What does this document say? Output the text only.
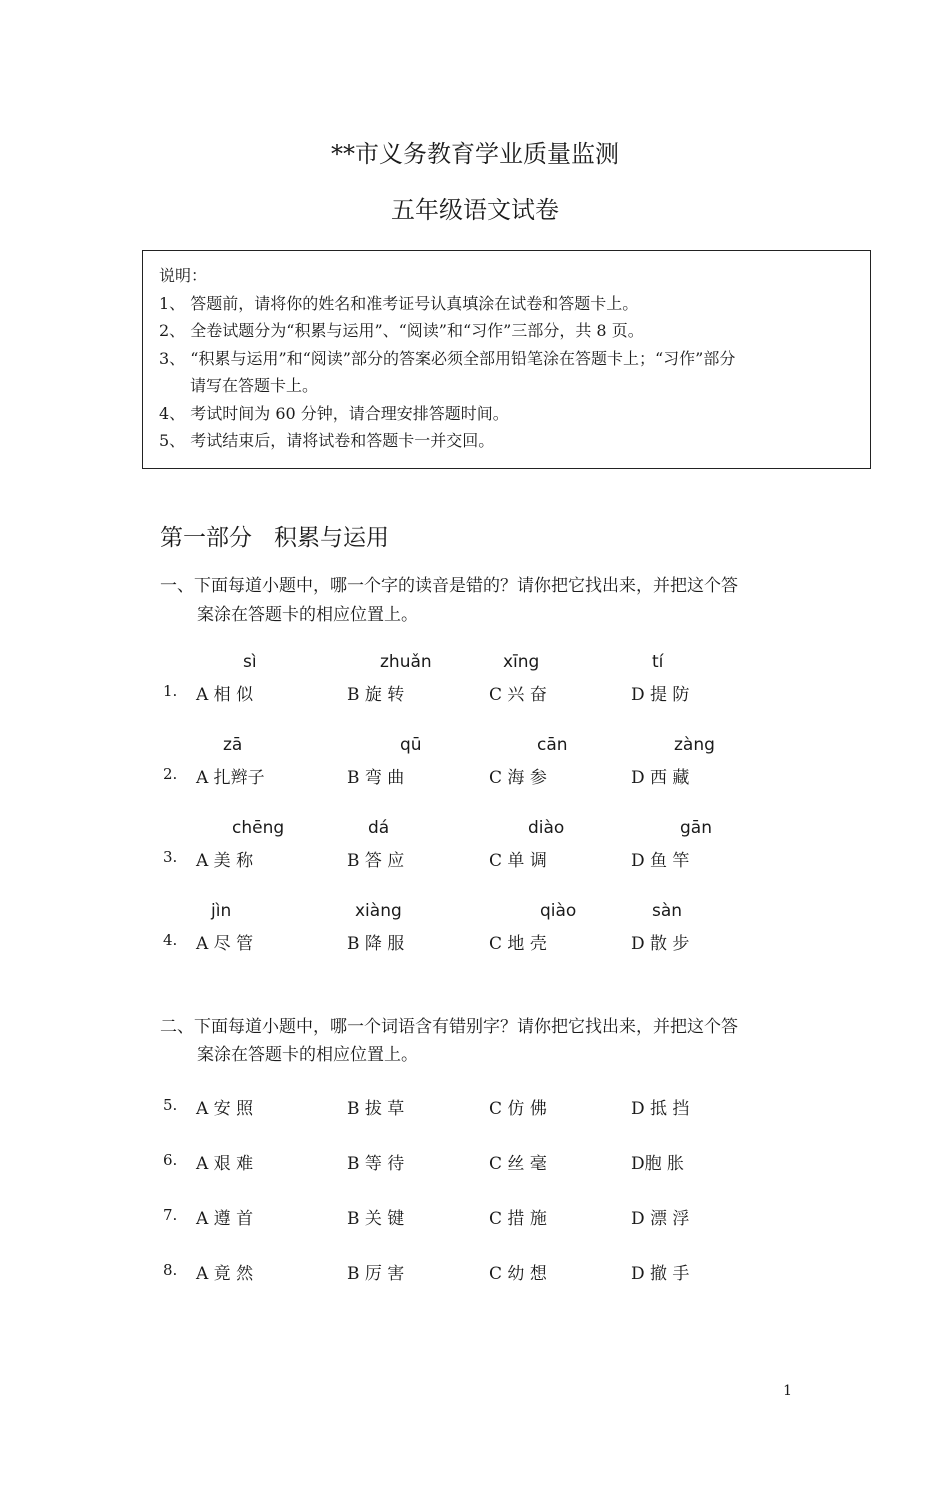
**市义务教育学业质量监测
五年级语文试卷
说明：
1、 答题前，请将你的姓名和准考证号认真填涂在试卷和答题卡上。
2、 全卷试题分为“积累与运用”、“阅读”和“习作”三部分，共 8 页。
3、 “积累与运用”和“阅读”部分的答案必须全部用铅笔涂在答题卡上；“习作”部分
请写在答题卡上。
4、 考试时间为 60 分钟，请合理安排答题时间。
5、 考试结束后，请将试卷和答题卡一并交回。
第一部分 积累与运用
一、下面每道小题中，哪一个字的读音是错的？请你把它找出来，并把这个答
案涂在答题卡的相应位置上。
sì	zhuǎn	xīng	tí
1. A 相 似	B 旋 转	C 兴 奋	D 提 防
zā	qū	cān	zàng
2. A 扎辫子	B 弯 曲	C 海 参	D 西 藏
chēng	dá	diào	gān
3. A 美 称	B 答 应	C 单 调	D 鱼 竿
jìn	xiàng	qiào	sàn
4. A 尽 管	B 降 服	C 地 壳	D 散 步
二、下面每道小题中，哪一个词语含有错别字？请你把它找出来，并把这个答
案涂在答题卡的相应位置上。
5. A 安 照	B 拔 草	C 仿 佛	D 抵 挡
6. A 艰 难	B 等 待	C 丝 毫	D胞 胀
7. A 遵 首	B 关 键	C 措 施	D 漂 浮
8. A 竟 然	B 厉 害	C 幼 想	D 撤 手
1
